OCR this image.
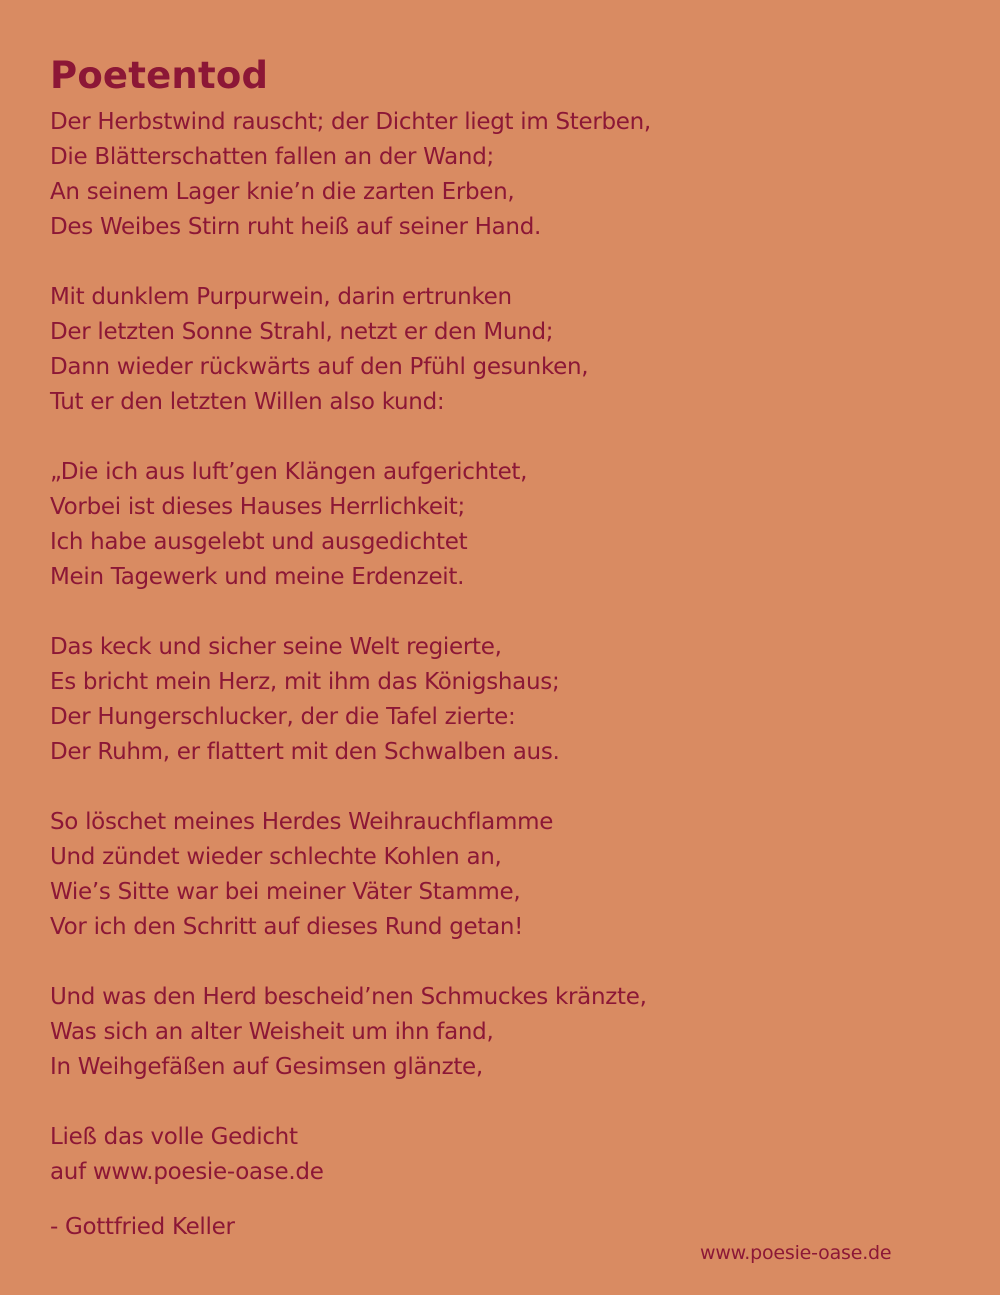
Poetentod
Der Herbstwind rauscht; der Dichter liegt im Sterben,
Die Blätterschatten fallen an der Wand;
An seinem Lager knie’n die zarten Erben,
Des Weibes Stirn ruht heiß auf seiner Hand.
Mit dunklem Purpurwein, darin ertrunken
Der letzten Sonne Strahl, netzt er den Mund;
Dann wieder rückwärts auf den Pfühl gesunken,
Tut er den letzten Willen also kund:
„Die ich aus luft’gen Klängen aufgerichtet,
Vorbei ist dieses Hauses Herrlichkeit;
Ich habe ausgelebt und ausgedichtet
Mein Tagewerk und meine Erdenzeit.
Das keck und sicher seine Welt regierte,
Es bricht mein Herz, mit ihm das Königshaus;
Der Hungerschlucker, der die Tafel zierte:
Der Ruhm, er flattert mit den Schwalben aus.
So löschet meines Herdes Weihrauchflamme
Und zündet wieder schlechte Kohlen an,
Wie’s Sitte war bei meiner Väter Stamme,
Vor ich den Schritt auf dieses Rund getan!
Und was den Herd bescheid’nen Schmuckes kränzte,
Was sich an alter Weisheit um ihn fand,
In Weihgefäßen auf Gesimsen glänzte,
Ließ das volle Gedicht
auf www.poesie-oase.de
- Gottfried Keller
www.poesie-oase.de
